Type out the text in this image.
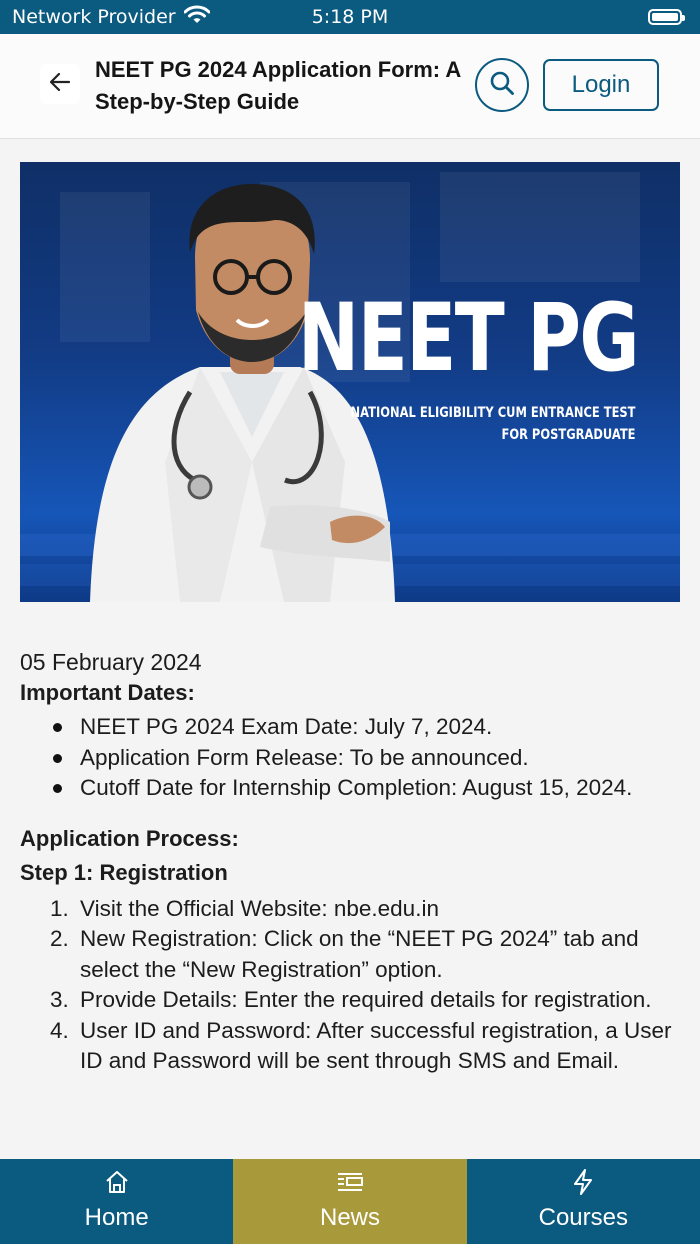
Network Provider	5:18 PM
NEET PG 2024 Application Form: A Step-by-Step Guide
Login
NEET PG
NATIONAL ELIGIBILITY CUM ENTRANCE TEST
FOR POSTGRADUATE
05 February 2024
Important Dates:
NEET PG 2024 Exam Date: July 7, 2024.
Application Form Release: To be announced.
Cutoff Date for Internship Completion: August 15, 2024.
Application Process:
Step 1: Registration
1. Visit the Official Website: nbe.edu.in
2. New Registration: Click on the “NEET PG 2024” tab and select the “New Registration” option.
3. Provide Details: Enter the required details for registration.
4. User ID and Password: After successful registration, a User ID and Password will be sent through SMS and Email.
Home	News	Courses
